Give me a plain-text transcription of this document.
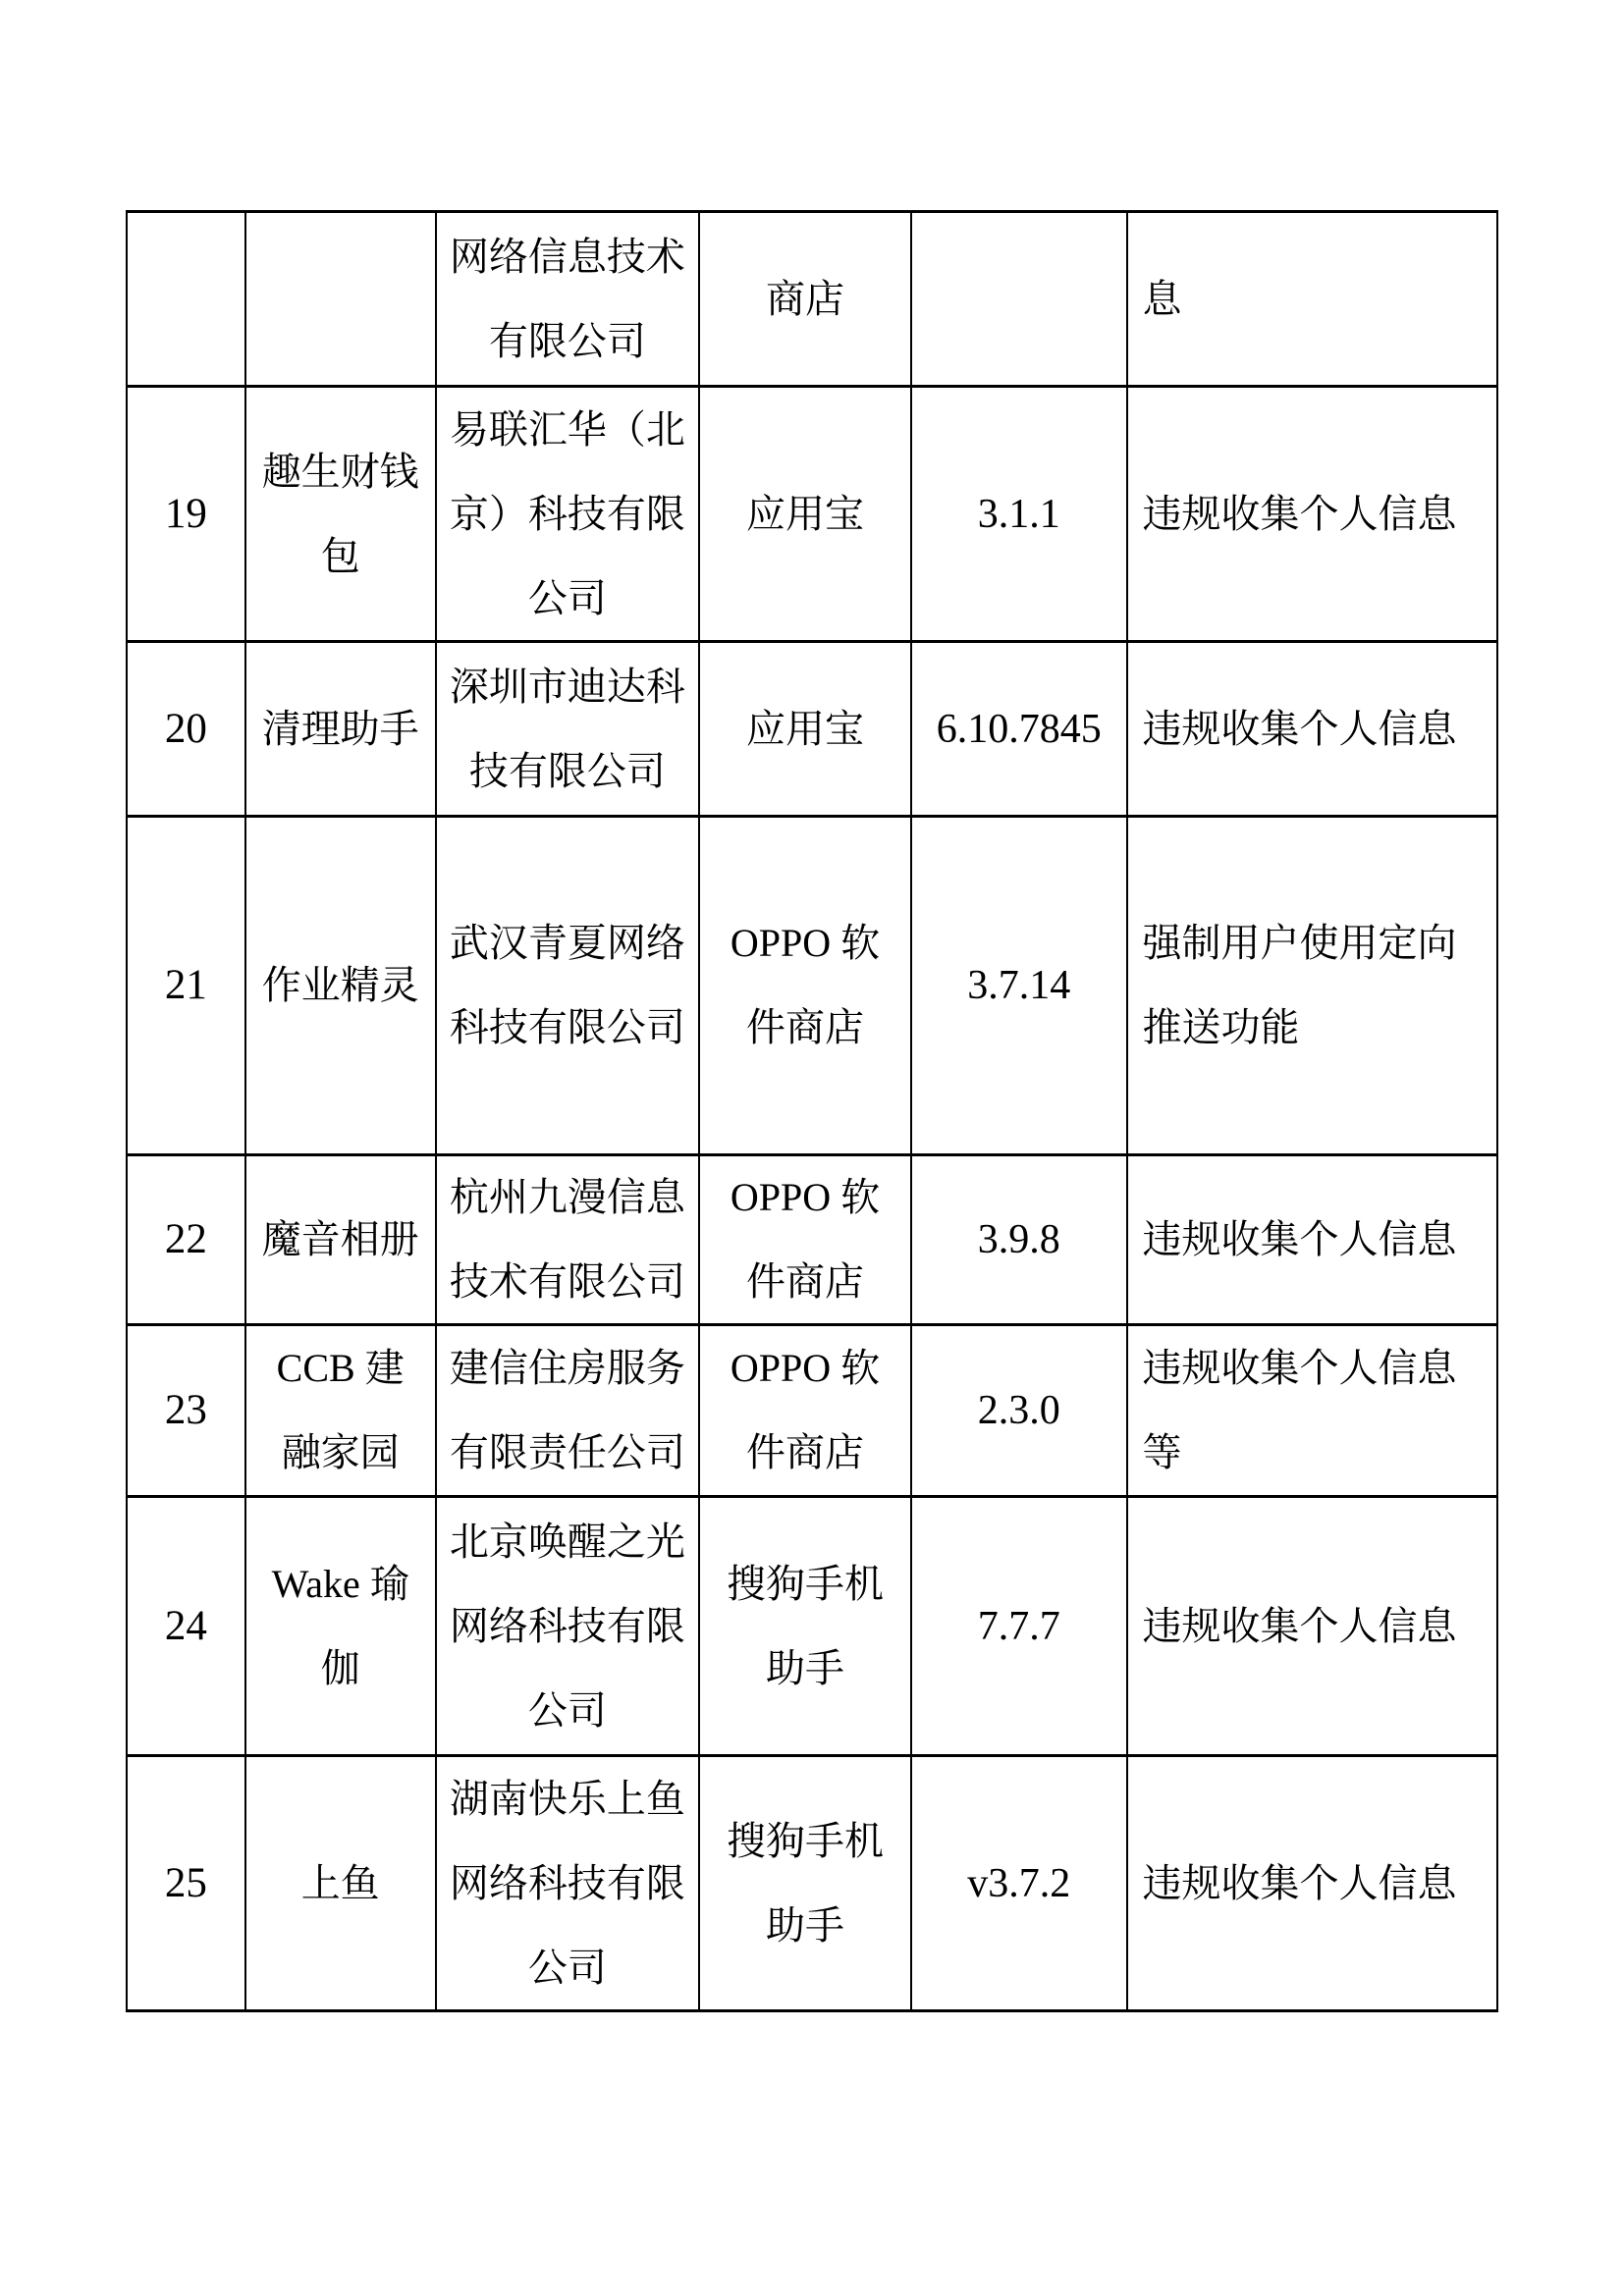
网络信息技术
有限公司
商店	息
19
趣生财钱
包
易联汇华（北
京）科技有限
公司
应用宝	3.1.1 违规收集个人信息
20 清理助手
深圳市迪达科
技有限公司
应用宝 6.10.7845 违规收集个人信息
21 作业精灵
武汉青夏网络
科技有限公司
OPPO 软
件商店
3.7.14
强制用户使用定向
推送功能
22 魔音相册
杭州九漫信息
技术有限公司
OPPO 软
件商店
3.9.8 违规收集个人信息
23
CCB 建
融家园
建信住房服务
有限责任公司
OPPO 软
件商店
2.3.0
违规收集个人信息
等
24
Wake 瑜
伽
北京唤醒之光
网络科技有限
公司
搜狗手机
助手
7.7.7 违规收集个人信息
25 上鱼
湖南快乐上鱼
网络科技有限
公司
搜狗手机
助手
v3.7.2 违规收集个人信息
